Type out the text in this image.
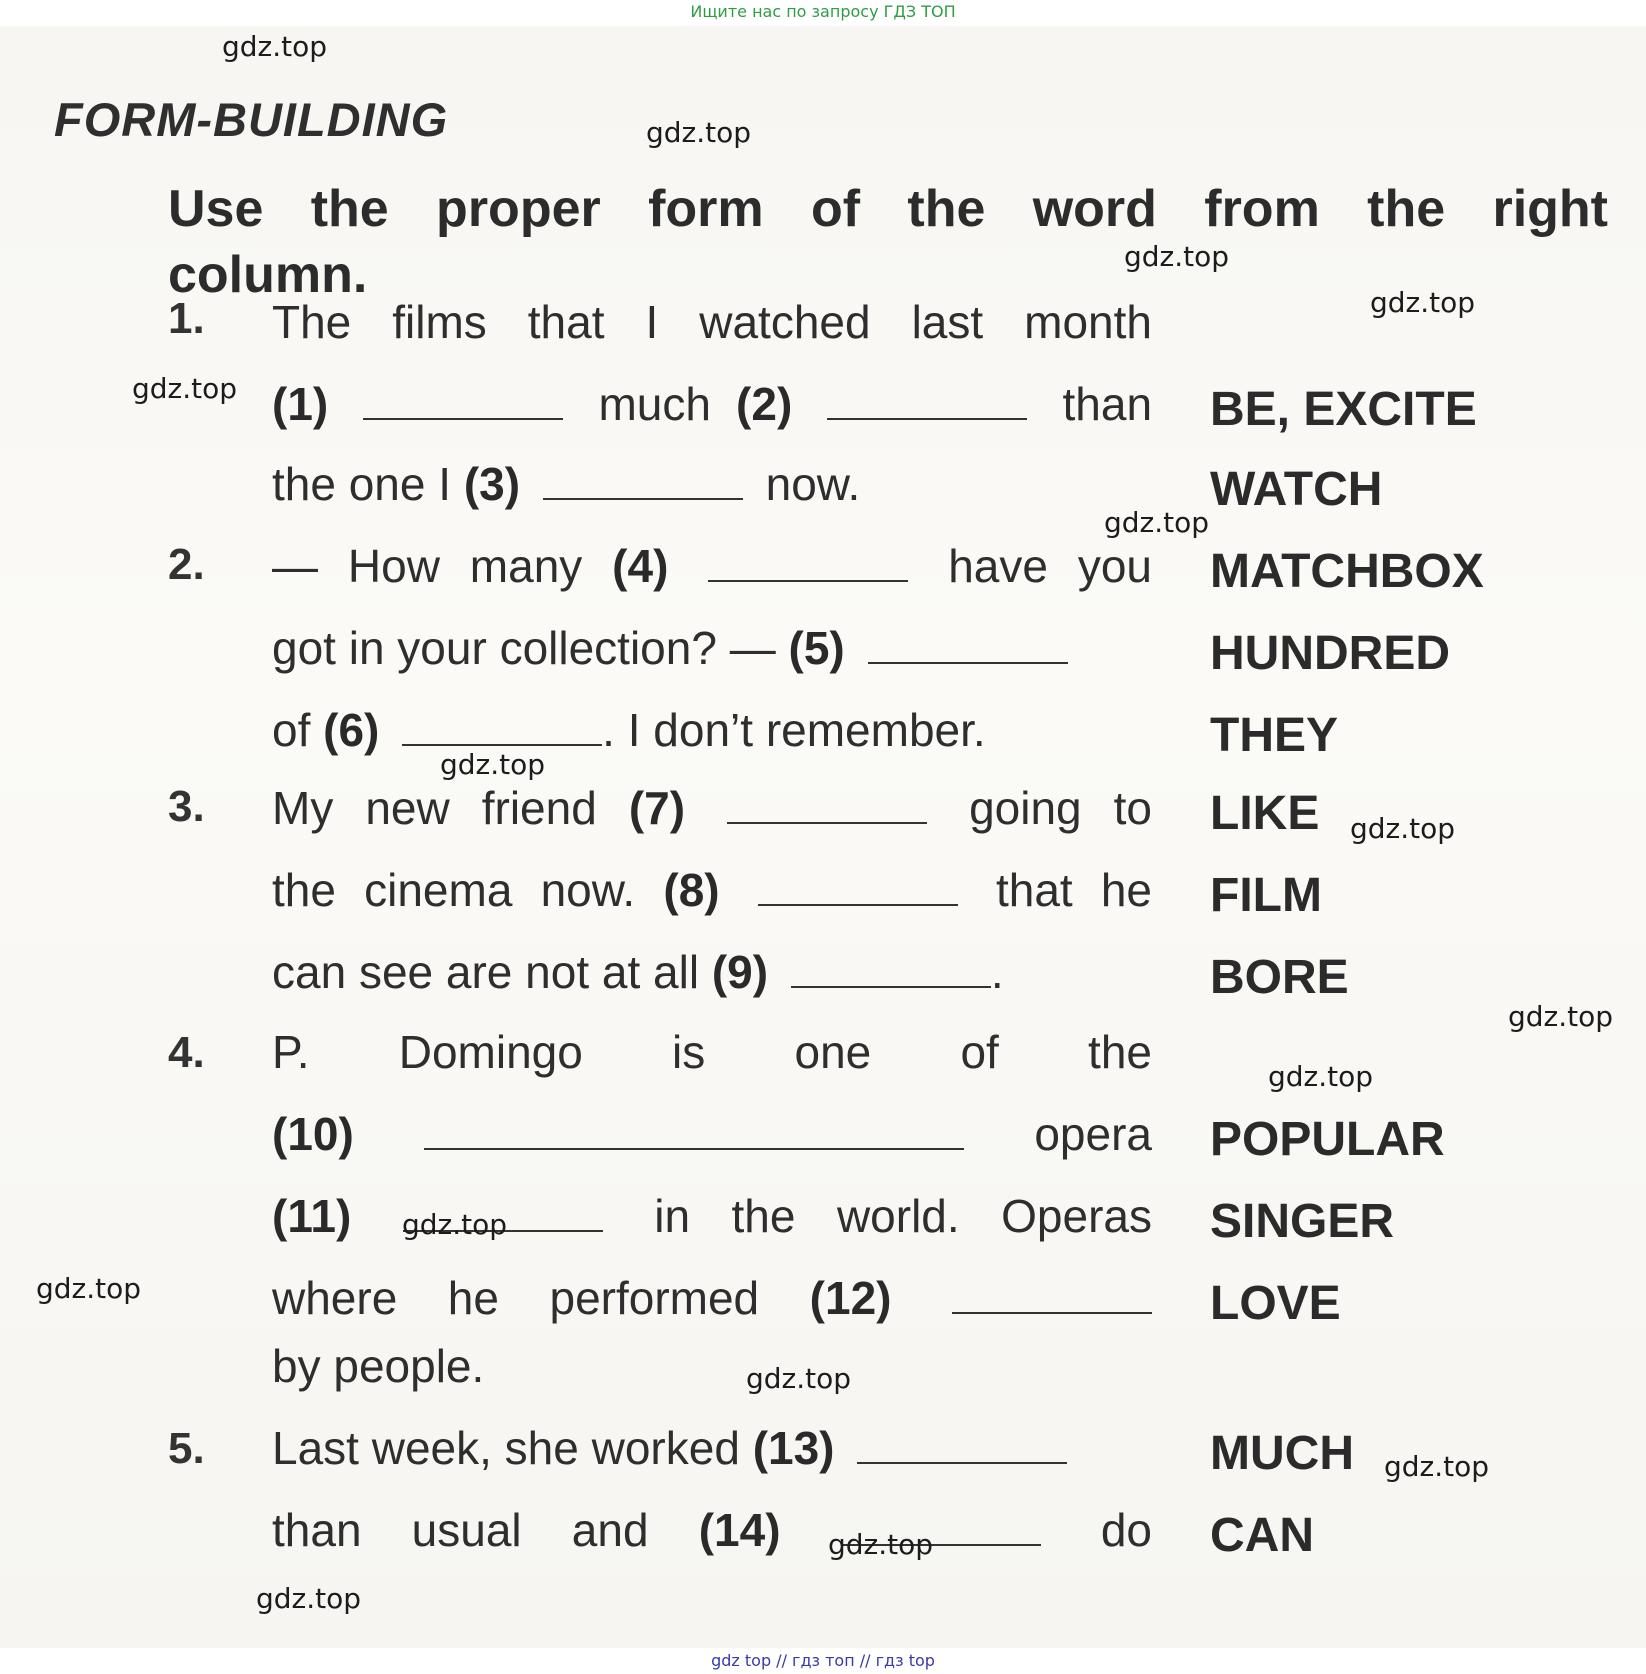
Ищите нас по запросу ГДЗ ТОП
FORM-BUILDING
Use the proper form of the word from the right column.
1. The films that I watched last month
(1)	much (2)	than
the one I (3)	now.
BE, EXCITE
WATCH
2. — How many (4)	have you
got in your collection? — (5)
of (6)	. I don’t remember.
MATCHBOX
HUNDRED
THEY
3. My new friend (7)	going to
the cinema now. (8)	that he
can see are not at all (9)	.
LIKE
FILM
BORE
4. P. Domingo is one of the
(10)	opera
(11)	in the world. Operas
where he performed (12)
by people.
POPULAR
SINGER
LOVE
5. Last week, she worked (13)
than usual and (14)	do
MUCH
CAN
gdz.top
gdz.top
gdz.top
gdz.top
gdz.top
gdz.top
gdz.top
gdz.top
gdz.top
gdz.top
gdz.top
gdz.top
gdz.top
gdz.top
gdz.top
gdz.top
gdz top // гдз топ // гдз top
